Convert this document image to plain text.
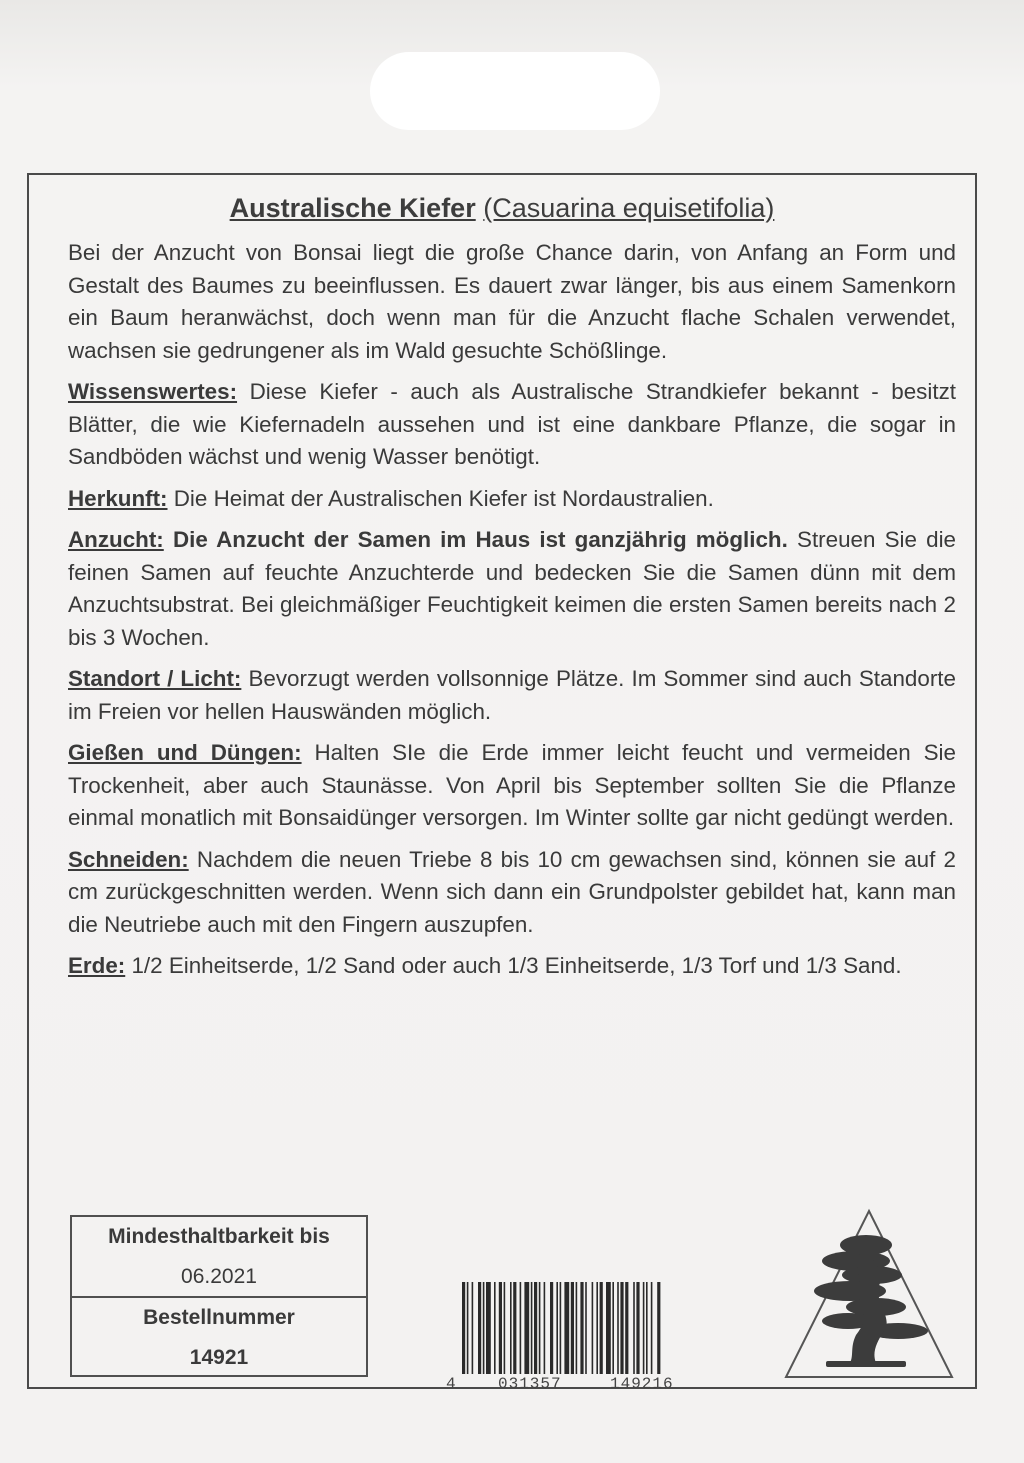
Australische Kiefer (Casuarina equisetifolia)

Bei der Anzucht von Bonsai liegt die große Chance darin, von Anfang an Form und Gestalt des Baumes zu beeinflussen. Es dauert zwar länger, bis aus einem Samenkorn ein Baum heranwächst, doch wenn man für die Anzucht flache Schalen verwendet, wachsen sie gedrungener als im Wald gesuchte Schößlinge.

Wissenswertes: Diese Kiefer - auch als Australische Strandkiefer bekannt - besitzt Blätter, die wie Kiefernadeln aussehen und ist eine dankbare Pflanze, die sogar in Sandböden wächst und wenig Wasser benötigt.

Herkunft: Die Heimat der Australischen Kiefer ist Nordaustralien.

Anzucht: Die Anzucht der Samen im Haus ist ganzjährig möglich. Streuen Sie die feinen Samen auf feuchte Anzuchterde und bedecken Sie die Samen dünn mit dem Anzuchtsubstrat. Bei gleichmäßiger Feuchtigkeit keimen die ersten Samen bereits nach 2 bis 3 Wochen.

Standort / Licht: Bevorzugt werden vollsonnige Plätze. Im Sommer sind auch Standorte im Freien vor hellen Hauswänden möglich.

Gießen und Düngen: Halten SIe die Erde immer leicht feucht und vermeiden Sie Trockenheit, aber auch Staunässe. Von April bis September sollten Sie die Pflanze einmal monatlich mit Bonsaidünger versorgen. Im Winter sollte gar nicht gedüngt werden.

Schneiden: Nachdem die neuen Triebe 8 bis 10 cm gewachsen sind, können sie auf 2 cm zurückgeschnitten werden. Wenn sich dann ein Grundpolster gebildet hat, kann man die Neutriebe auch mit den Fingern auszupfen.

Erde: 1/2 Einheitserde, 1/2 Sand oder auch 1/3 Einheitserde, 1/3 Torf und 1/3 Sand.

Mindesthaltbarkeit bis
06.2021
Bestellnummer
14921
4	031357	149216
